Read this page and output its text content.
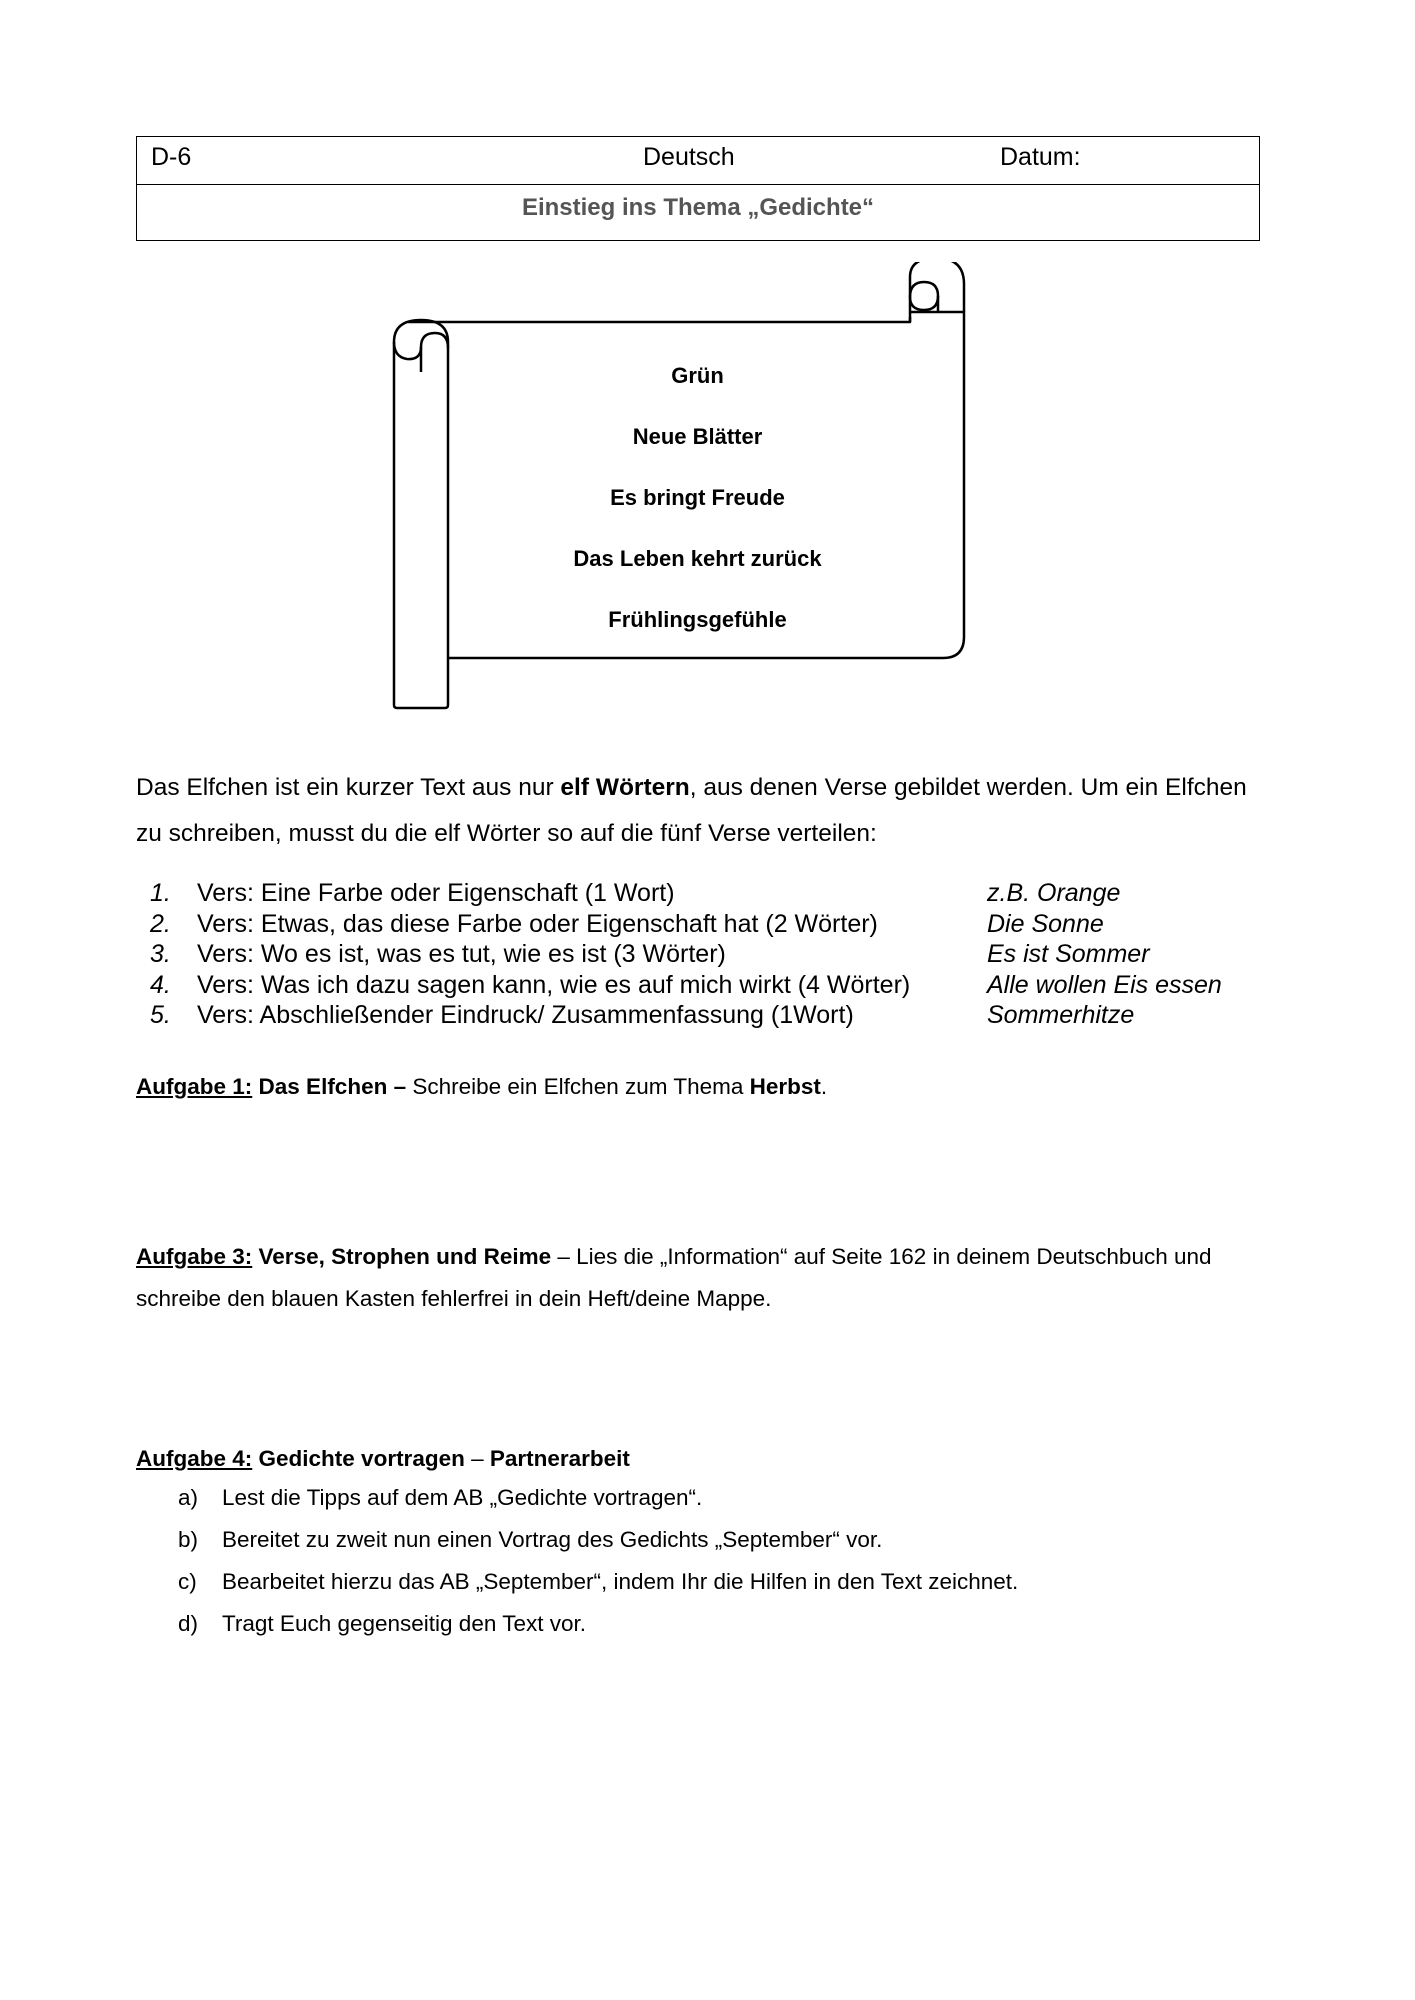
D-6	Deutsch	Datum:
Einstieg ins Thema „Gedichte“
Grün
Neue Blätter
Es bringt Freude
Das Leben kehrt zurück
Frühlingsgefühle
Das Elfchen ist ein kurzer Text aus nur elf Wörtern, aus denen Verse gebildet werden. Um ein Elfchen zu schreiben, musst du die elf Wörter so auf die fünf Verse verteilen:
1. Vers: Eine Farbe oder Eigenschaft (1 Wort)	z.B. Orange
2. Vers: Etwas, das diese Farbe oder Eigenschaft hat (2 Wörter)	Die Sonne
3. Vers: Wo es ist, was es tut, wie es ist (3 Wörter)	Es ist Sommer
4. Vers: Was ich dazu sagen kann, wie es auf mich wirkt (4 Wörter)	Alle wollen Eis essen
5. Vers: Abschließender Eindruck/ Zusammenfassung (1Wort)	Sommerhitze
Aufgabe 1: Das Elfchen – Schreibe ein Elfchen zum Thema Herbst.
Aufgabe 3: Verse, Strophen und Reime – Lies die „Information“ auf Seite 162 in deinem Deutschbuch und schreibe den blauen Kasten fehlerfrei in dein Heft/deine Mappe.
Aufgabe 4: Gedichte vortragen – Partnerarbeit
a) Lest die Tipps auf dem AB „Gedichte vortragen“.
b) Bereitet zu zweit nun einen Vortrag des Gedichts „September“ vor.
c) Bearbeitet hierzu das AB „September“, indem Ihr die Hilfen in den Text zeichnet.
d) Tragt Euch gegenseitig den Text vor.
